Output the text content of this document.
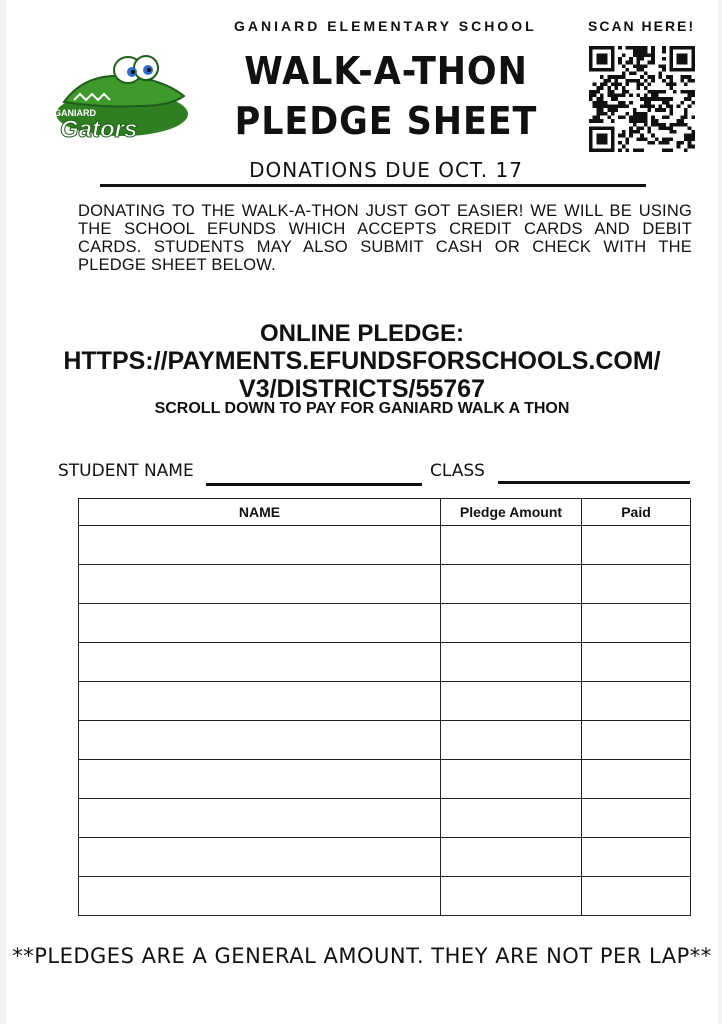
GANIARD ELEMENTARY SCHOOL	SCAN HERE!
GANIARD
Gators
WALK-A-THON
PLEDGE SHEET
DONATIONS DUE OCT. 17
DONATING TO THE WALK-A-THON JUST GOT EASIER! WE WILL BE USING THE SCHOOL EFUNDS WHICH ACCEPTS CREDIT CARDS AND DEBIT CARDS. STUDENTS MAY ALSO SUBMIT CASH OR CHECK WITH THE PLEDGE SHEET BELOW.
ONLINE PLEDGE:
HTTPS://PAYMENTS.EFUNDSFORSCHOOLS.COM/
V3/DISTRICTS/55767
SCROLL DOWN TO PAY FOR GANIARD WALK A THON
STUDENT NAME	CLASS
NAME	Pledge Amount	Paid

**PLEDGES ARE A GENERAL AMOUNT. THEY ARE NOT PER LAP**
